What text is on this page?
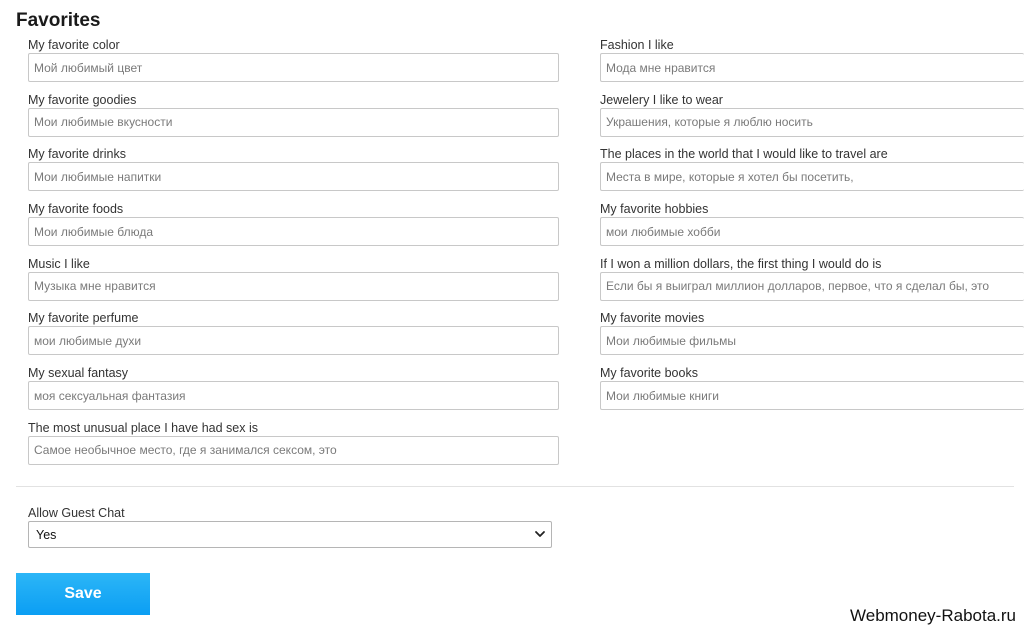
Favorites
My favorite color
Мой любимый цвет
My favorite goodies
Мои любимые вкусности
My favorite drinks
Мои любимые напитки
My favorite foods
Мои любимые блюда
Music I like
Музыка мне нравится
My favorite perfume
мои любимые духи
My sexual fantasy
моя сексуальная фантазия
The most unusual place I have had sex is
Самое необычное место, где я занимался сексом, это
Fashion I like
Мода мне нравится
Jewelery I like to wear
Украшения, которые я люблю носить
The places in the world that I would like to travel are
Места в мире, которые я хотел бы посетить,
My favorite hobbies
мои любимые хобби
If I won a million dollars, the first thing I would do is
Если бы я выиграл миллион долларов, первое, что я сделал бы, это
My favorite movies
Мои любимые фильмы
My favorite books
Мои любимые книги
Allow Guest Chat
Yes
Save
Webmoney-Rabota.ru
